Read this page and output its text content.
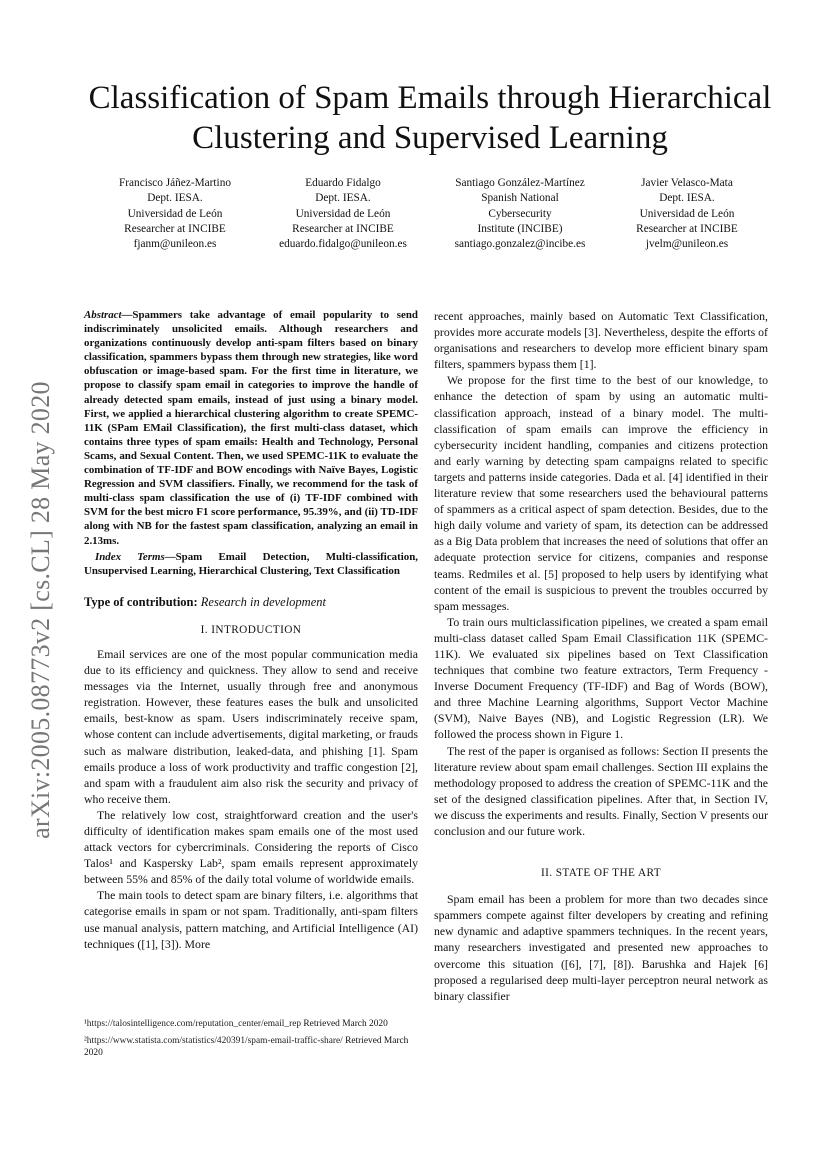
arXiv:2005.08773v2 [cs.CL] 28 May 2020
Classification of Spam Emails through Hierarchical
Clustering and Supervised Learning
Francisco Jáñez-Martino
Dept. IESA.
Universidad de León
Researcher at INCIBE
fjanm@unileon.es
Eduardo Fidalgo
Dept. IESA.
Universidad de León
Researcher at INCIBE
eduardo.fidalgo@unileon.es
Santiago González-Martínez
Spanish National
Cybersecurity
Institute (INCIBE)
santiago.gonzalez@incibe.es
Javier Velasco-Mata
Dept. IESA.
Universidad de León
Researcher at INCIBE
jvelm@unileon.es

Abstract—Spammers take advantage of email popularity to send indiscriminately unsolicited emails. Although researchers and organizations continuously develop anti-spam filters based on binary classification, spammers bypass them through new strategies, like word obfuscation or image-based spam. For the first time in literature, we propose to classify spam email in categories to improve the handle of already detected spam emails, instead of just using a binary model. First, we applied a hierarchical clustering algorithm to create SPEMC-11K (SPam EMail Classification), the first multi-class dataset, which contains three types of spam emails: Health and Technology, Personal Scams, and Sexual Content. Then, we used SPEMC-11K to evaluate the combination of TF-IDF and BOW encodings with Naïve Bayes, Logistic Regression and SVM classifiers. Finally, we recommend for the task of multi-class spam classification the use of (i) TF-IDF combined with SVM for the best micro F1 score performance, 95.39%, and (ii) TD-IDF along with NB for the fastest spam classification, analyzing an email in 2.13ms.

Index Terms—Spam Email Detection, Multi-classification, Unsupervised Learning, Hierarchical Clustering, Text Classification

Type of contribution: Research in development

I. INTRODUCTION

Email services are one of the most popular communication media due to its efficiency and quickness. They allow to send and receive messages via the Internet, usually through free and anonymous registration. However, these features eases the bulk and unsolicited emails, best-know as spam. Users indiscriminately receive spam, whose content can include advertisements, digital marketing, or frauds such as malware distribution, leaked-data, and phishing [1]. Spam emails produce a loss of work productivity and traffic congestion [2], and spam with a fraudulent aim also risk the security and privacy of who receive them.

The relatively low cost, straightforward creation and the user's difficulty of identification makes spam emails one of the most used attack vectors for cybercriminals. Considering the reports of Cisco Talos¹ and Kaspersky Lab², spam emails represent approximately between 55% and 85% of the daily total volume of worldwide emails.

The main tools to detect spam are binary filters, i.e. algorithms that categorise emails in spam or not spam. Traditionally, anti-spam filters use manual analysis, pattern matching, and Artificial Intelligence (AI) techniques ([1], [3]). More

¹https://talosintelligence.com/reputation_center/email_rep Retrieved March 2020

²https://www.statista.com/statistics/420391/spam-email-traffic-share/ Retrieved March 2020

recent approaches, mainly based on Automatic Text Classification, provides more accurate models [3]. Nevertheless, despite the efforts of organisations and researchers to develop more efficient binary spam filters, spammers bypass them [1].

We propose for the first time to the best of our knowledge, to enhance the detection of spam by using an automatic multi-classification approach, instead of a binary model. The multi-classification of spam emails can improve the efficiency in cybersecurity incident handling, companies and citizens protection and early warning by detecting spam campaigns related to specific targets and patterns inside categories. Dada et al. [4] identified in their literature review that some researchers used the behavioural patterns of spammers as a critical aspect of spam detection. Besides, due to the high daily volume and variety of spam, its detection can be addressed as a Big Data problem that increases the need of solutions that offer an adequate protection service for citizens, companies and response teams. Redmiles et al. [5] proposed to help users by identifying what content of the email is suspicious to prevent the troubles occurred by spam messages.

To train ours multiclassification pipelines, we created a spam email multi-class dataset called Spam Email Classification 11K (SPEMC-11K). We evaluated six pipelines based on Text Classification techniques that combine two feature extractors, Term Frequency - Inverse Document Frequency (TF-IDF) and Bag of Words (BOW), and three Machine Learning algorithms, Support Vector Machine (SVM), Naive Bayes (NB), and Logistic Regression (LR). We followed the process shown in Figure 1.

The rest of the paper is organised as follows: Section II presents the literature review about spam email challenges. Section III explains the methodology proposed to address the creation of SPEMC-11K and the set of the designed classification pipelines. After that, in Section IV, we discuss the experiments and results. Finally, Section V presents our conclusion and our future work.

II. STATE OF THE ART

Spam email has been a problem for more than two decades since spammers compete against filter developers by creating and refining new dynamic and adaptive spammers techniques. In the recent years, many researchers investigated and presented new approaches to overcome this situation ([6], [7], [8]). Barushka and Hajek [6] proposed a regularised deep multi-layer perceptron neural network as binary classifier
